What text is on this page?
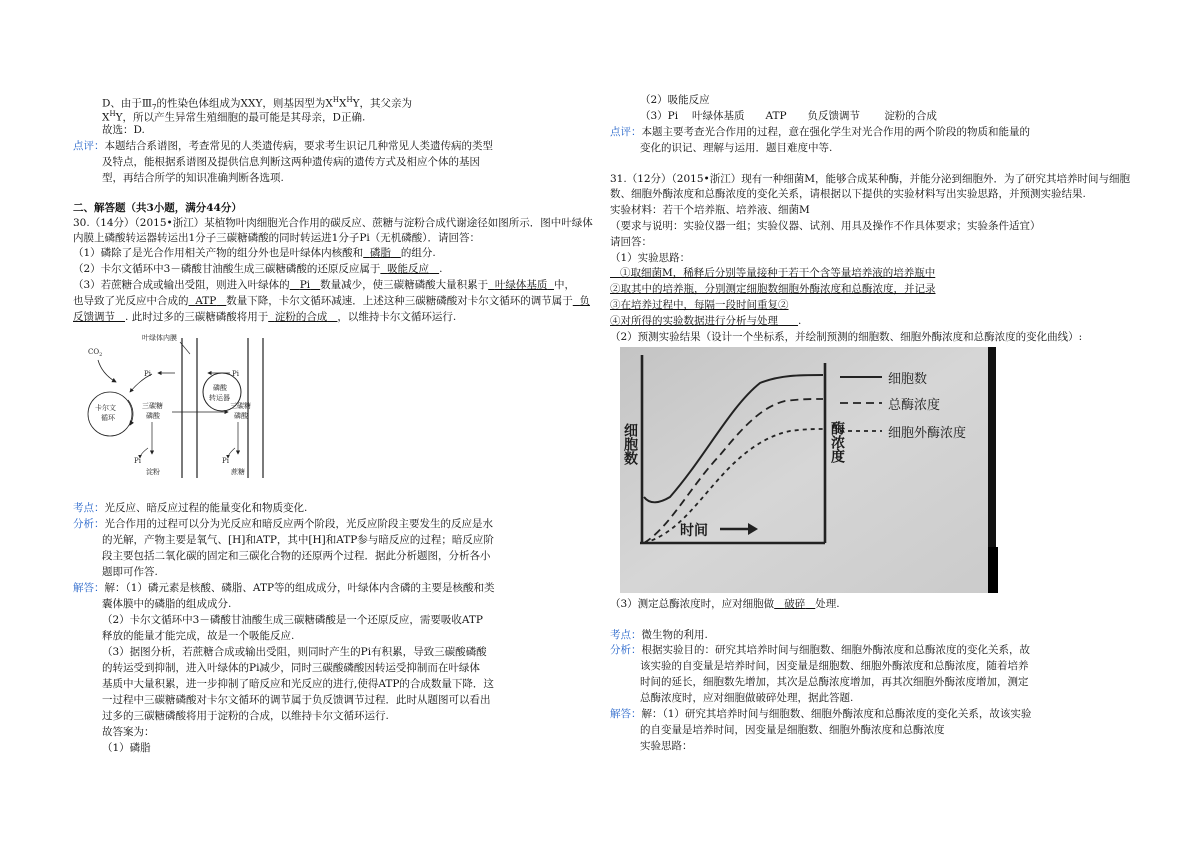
D、由于$Ⅲ_7$的性染色体组成为XXY，则基因型为$X^HX^HY$，其父亲为
$X^HY$，所以产生异常生殖细胞的最可能是其母亲，D正确.
故选：D.
点评：本题结合系谱图，考查常见的人类遗传病，要求考生识记几种常见人类遗传病的类型
及特点，能根据系谱图及提供信息判断这两种遗传病的遗传方式及相应个体的基因
型，再结合所学的知识准确判断各选项.
二、解答题（共3小题，满分44分）
30.（14分）（2015•浙江）某植物叶肉细胞光合作用的碳反应、蔗糖与淀粉合成代谢途径如图所示．图中叶绿体
内膜上磷酸转运器转运出1分子三碳糖磷酸的同时转运进1分子Pi（无机磷酸）．请回答：
（1）磷除了是光合作用相关产物的组分外也是叶绿体内核酸和 磷脂 的组分.
（2）卡尔文循环中3－磷酸甘油酸生成三碳糖磷酸的还原反应属于 吸能反应 .
（3）若蔗糖合成或输出受阻，则进入叶绿体的 Pi 数量减少，使三碳糖磷酸大量积累于 叶绿体基质 中，
也导致了光反应中合成的 ATP 数量下降，卡尔文循环减速．上述这种三碳糖磷酸对卡尔文循环的调节属于 负
反馈调节 . 此时过多的三碳糖磷酸将用于 淀粉的合成 ，以维持卡尔文循环运行.
叶绿体内膜
$CO_2$
卡尔文
循环
Pi	Pi
磷酸
转运器
三碳糖
磷酸
三碳糖
磷酸
Pi	Pi
淀粉	蔗糖
考点：光反应、暗反应过程的能量变化和物质变化.
分析：光合作用的过程可以分为光反应和暗反应两个阶段，光反应阶段主要发生的反应是水
的光解，产物主要是氧气、[H]和ATP，其中[H]和ATP参与暗反应的过程；暗反应阶
段主要包括二氧化碳的固定和三碳化合物的还原两个过程．据此分析题图，分析各小
题即可作答.
解答：解：（1）磷元素是核酸、磷脂、ATP等的组成成分，叶绿体内含磷的主要是核酸和类
囊体膜中的磷脂的组成成分.
（2）卡尔文循环中3－磷酸甘油酸生成三碳糖磷酸是一个还原反应，需要吸收ATP
释放的能量才能完成，故是一个吸能反应.
（3）据图分析，若蔗糖合成或输出受阻，则同时产生的Pi有积累，导致三碳酸磷酸
的转运受到抑制，进入叶绿体的Pi减少，同时三碳酸磷酸因转运受抑制而在叶绿体
基质中大量积累，进一步抑制了暗反应和光反应的进行,使得ATP的合成数量下降．这
一过程中三碳糖磷酸对卡尔文循环的调节属于负反馈调节过程．此时从题图可以看出
过多的三碳糖磷酸将用于淀粉的合成，以维持卡尔文循环运行.
故答案为：
（1）磷脂
（2）吸能反应
（3）Pi　 叶绿体基质　　ATP　　负反馈调节　　 淀粉的合成
点评：本题主要考查光合作用的过程，意在强化学生对光合作用的两个阶段的物质和能量的
变化的识记、理解与运用．题目难度中等.
31.（12分）（2015•浙江）现有一种细菌M，能够合成某种酶，并能分泌到细胞外．为了研究其培养时间与细胞
数、细胞外酶浓度和总酶浓度的变化关系，请根据以下提供的实验材料写出实验思路，并预测实验结果.
实验材料：若干个培养瓶、培养液、细菌M
（要求与说明：实验仪器一组；实验仪器、试剂、用具及操作不作具体要求；实验条件适宜）
请回答：
（1）实验思路：
①取细菌M，稀释后分别等量接种于若干个含等量培养液的培养瓶中
②取其中的培养瓶，分别测定细胞数细胞外酶浓度和总酶浓度，并记录
③在培养过程中，每隔一段时间重复②
④对所得的实验数据进行分析与处理 .
（2）预测实验结果（设计一个坐标系，并绘制预测的细胞数、细胞外酶浓度和总酶浓度的变化曲线）:
细胞数
总酶浓度
细胞外酶浓度
细胞数	酶浓度
时间
（3）测定总酶浓度时，应对细胞做 破碎 处理.
考点：微生物的利用.
分析：根据实验目的：研究其培养时间与细胞数、细胞外酶浓度和总酶浓度的变化关系，故
该实验的自变量是培养时间，因变量是细胞数、细胞外酶浓度和总酶浓度，随着培养
时间的延长，细胞数先增加，其次是总酶浓度增加，再其次细胞外酶浓度增加，测定
总酶浓度时，应对细胞做破碎处理，据此答题.
解答：解：（1）研究其培养时间与细胞数、细胞外酶浓度和总酶浓度的变化关系，故该实验
的自变量是培养时间，因变量是细胞数、细胞外酶浓度和总酶浓度
实验思路：
